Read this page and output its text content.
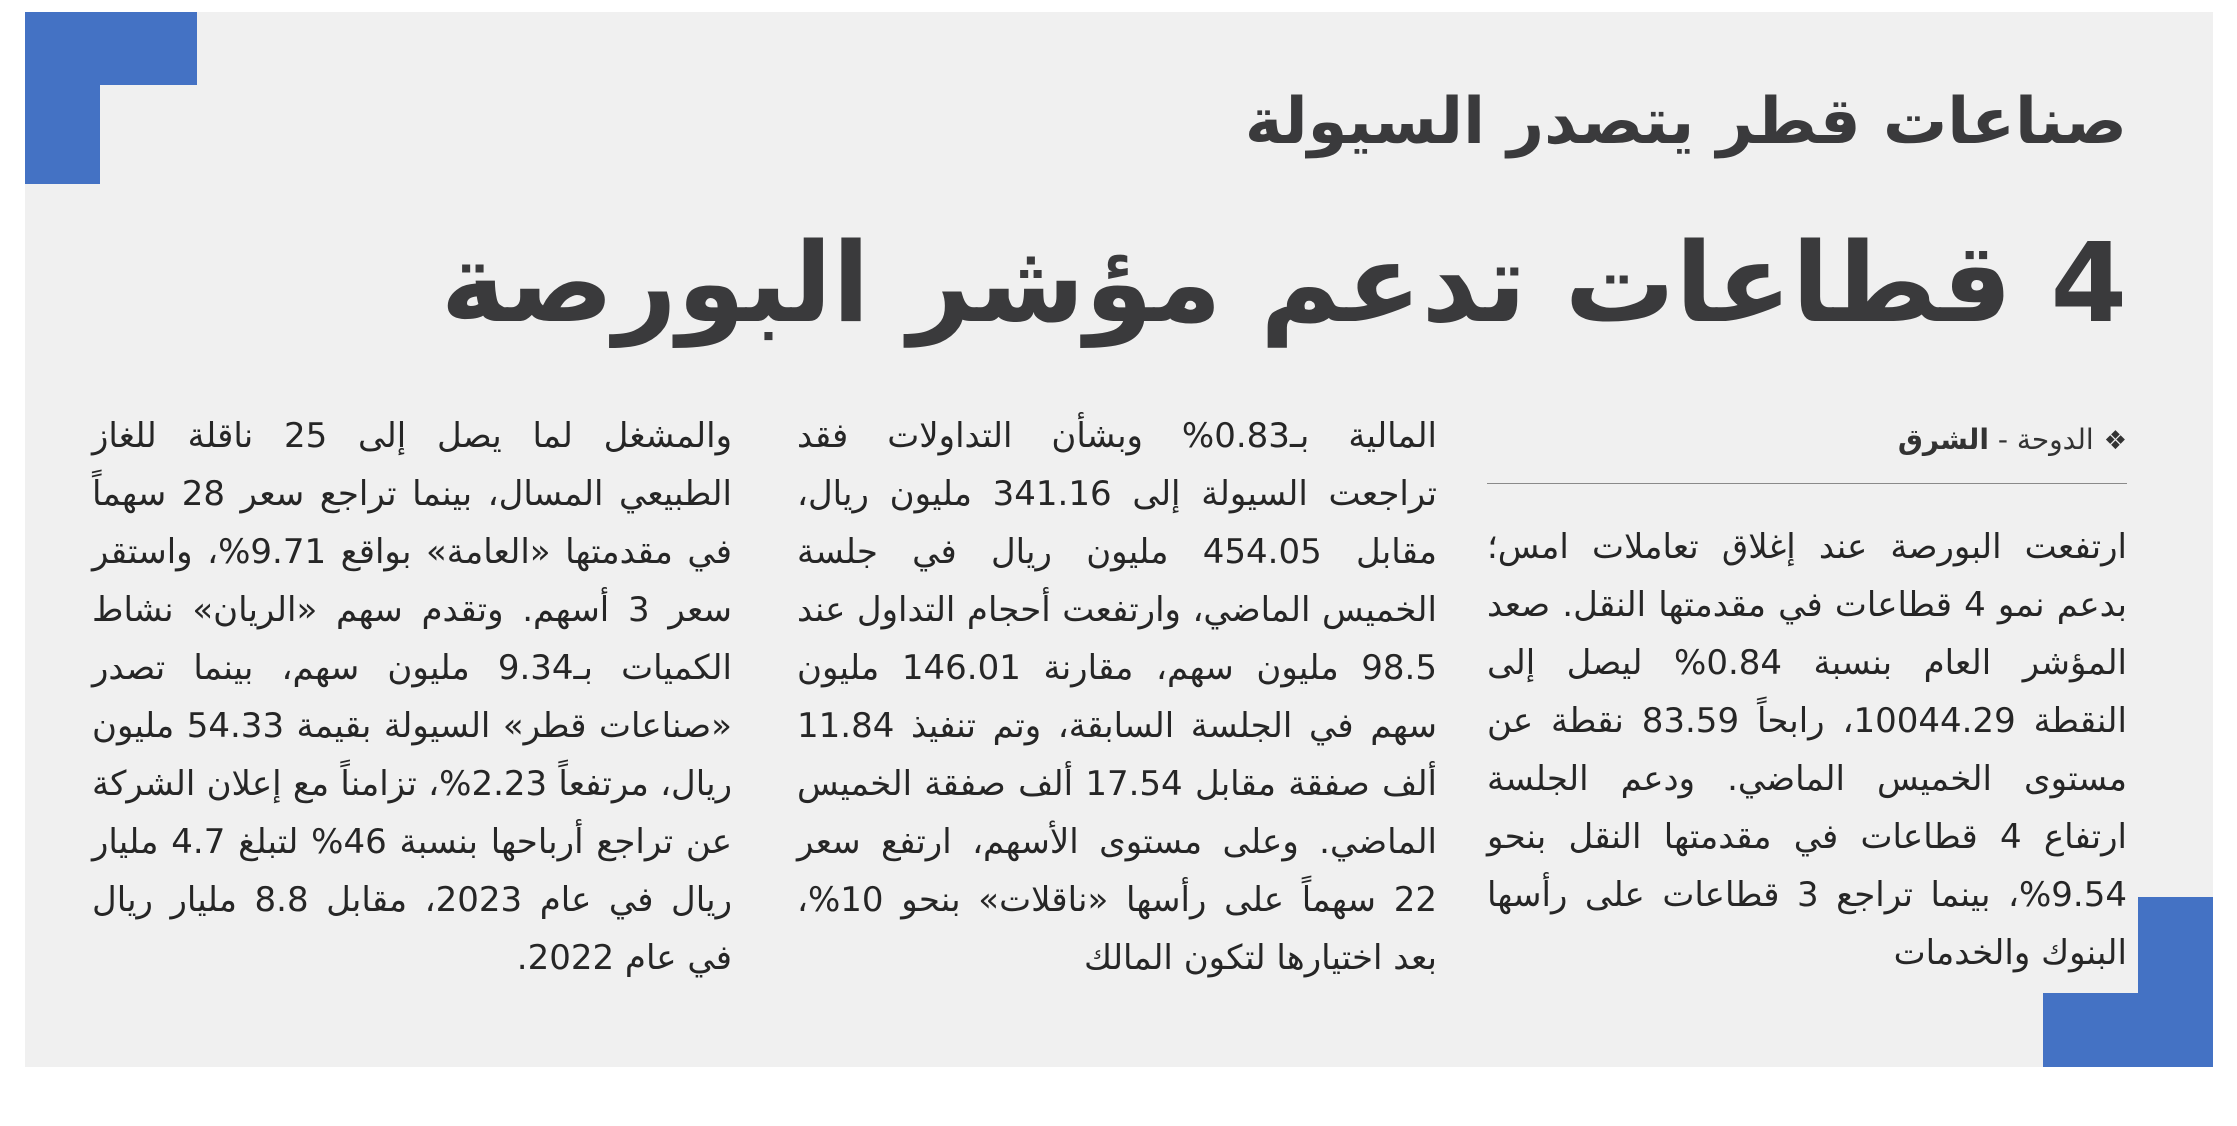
صناعات قطر يتصدر السيولة
4 قطاعات تدعم مؤشر البورصة
❖الدوحة - الشرق

ارتفعت البورصة عند إغلاق تعاملات امس؛ بدعم نمو 4 قطاعات في مقدمتها النقل. صعد المؤشر العام بنسبة 0.84% ليصل إلى النقطة 10044.29، رابحاً 83.59 نقطة عن مستوى الخميس الماضي. ودعم الجلسة ارتفاع 4 قطاعات في مقدمتها النقل بنحو 9.54%، بينما تراجع 3 قطاعات على رأسها البنوك والخدمات

المالية بـ0.83% وبشأن التداولات فقد تراجعت السيولة إلى 341.16 مليون ريال، مقابل 454.05 مليون ريال في جلسة الخميس الماضي، وارتفعت أحجام التداول عند 98.5 مليون سهم، مقارنة 146.01 مليون سهم في الجلسة السابقة، وتم تنفيذ 11.84 ألف صفقة مقابل 17.54 ألف صفقة الخميس الماضي. وعلى مستوى الأسهم، ارتفع سعر 22 سهماً على رأسها «ناقلات» بنحو 10%، بعد اختيارها لتكون المالك

والمشغل لما يصل إلى 25 ناقلة للغاز الطبيعي المسال، بينما تراجع سعر 28 سهماً في مقدمتها «العامة» بواقع 9.71%، واستقر سعر 3 أسهم. وتقدم سهم «الريان» نشاط الكميات بـ9.34 مليون سهم، بينما تصدر «صناعات قطر» السيولة بقيمة 54.33 مليون ريال، مرتفعاً 2.23%، تزامناً مع إعلان الشركة عن تراجع أرباحها بنسبة 46% لتبلغ 4.7 مليار ريال في عام 2023، مقابل 8.8 مليار ريال في عام 2022.
